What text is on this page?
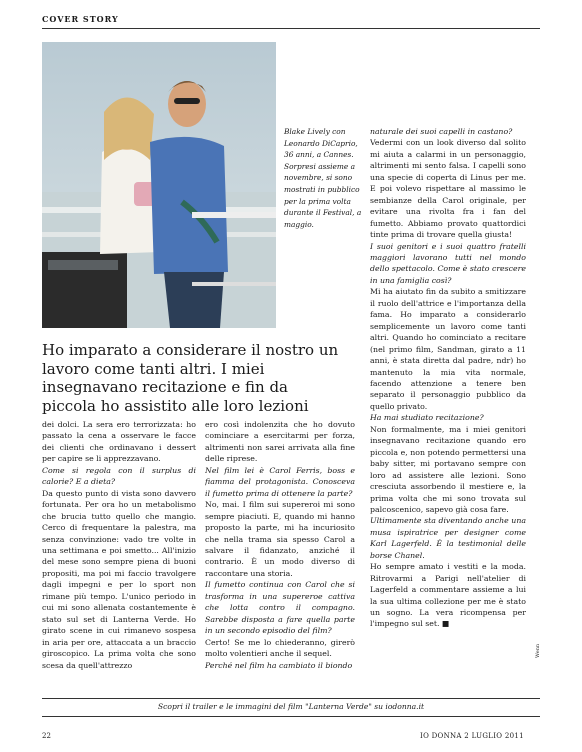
COVER STORY

Blake Lively con Leonardo DiCaprio, 36 anni, a Cannes. Sorpresi assieme a novembre, si sono mostrati in pubblico per la prima volta durante il Festival, a maggio.

Ho imparato a considerare il nostro un lavoro come tanti altri. I miei insegnavano recitazione e fin da piccola ho assistito alle loro lezioni

dei dolci. La sera ero terrorizzata: ho passato la cena a osservare le facce dei clienti che ordinavano i dessert per capire se li apprezzavano.

Come si regola con il surplus di calorie? E a dieta?

Da questo punto di vista sono davvero fortunata. Per ora ho un metabolismo che brucia tutto quello che mangio. Cerco di frequentare la palestra, ma senza convinzione: vado tre volte in una settimana e poi smetto... All'inizio del mese sono sempre piena di buoni propositi, ma poi mi faccio travolgere dagli impegni e per lo sport non rimane più tempo. L'unico periodo in cui mi sono allenata costantemente è stato sul set di Lanterna Verde. Ho girato scene in cui rimanevo sospesa in aria per ore, attaccata a un braccio giroscopico. La prima volta che sono scesa da quell'attrezzo

ero così indolenzita che ho dovuto cominciare a esercitarmi per forza, altrimenti non sarei arrivata alla fine delle riprese.

Nel film lei è Carol Ferris, boss e fiamma del protagonista. Conosceva il fumetto prima di ottenere la parte?

No, mai. I film sui supereroi mi sono sempre piaciuti. E, quando mi hanno proposto la parte, mi ha incuriosito che nella trama sia spesso Carol a salvare il fidanzato, anziché il contrario. È un modo diverso di raccontare una storia.

Il fumetto continua con Carol che si trasforma in una supereroe cattiva che lotta contro il compagno. Sarebbe disposta a fare quella parte in un secondo episodio del film?

Certo! Se me lo chiederanno, girerò molto volentieri anche il sequel.

Perché nel film ha cambiato il biondo

naturale dei suoi capelli in castano?

Vedermi con un look diverso dal solito mi aiuta a calarmi in un personaggio, altrimenti mi sento falsa. I capelli sono una specie di coperta di Linus per me. E poi volevo rispettare al massimo le sembianze della Carol originale, per evitare una rivolta fra i fan del fumetto. Abbiamo provato quattordici tinte prima di trovare quella giusta!

I suoi genitori e i suoi quattro fratelli maggiori lavorano tutti nel mondo dello spettacolo. Come è stato crescere in una famiglia così?

Mi ha aiutato fin da subito a smitizzare il ruolo dell'attrice e l'importanza della fama. Ho imparato a considerarlo semplicemente un lavoro come tanti altri. Quando ho cominciato a recitare (nel primo film, Sandman, girato a 11 anni, è stata diretta dal padre, ndr) ho mantenuto la mia vita normale, facendo attenzione a tenere ben separato il personaggio pubblico da quello privato.

Ha mai studiato recitazione?

Non formalmente, ma i miei genitori insegnavano recitazione quando ero piccola e, non potendo permettersi una baby sitter, mi portavano sempre con loro ad assistere alle lezioni. Sono cresciuta assorbendo il mestiere e, la prima volta che mi sono trovata sul palcoscenico, sapevo già cosa fare.

Ultimamente sta diventando anche una musa ispiratrice per designer come Karl Lagerfeld. È la testimonial delle borse Chanel.

Ho sempre amato i vestiti e la moda. Ritrovarmi a Parigi nell'atelier di Lagerfeld a commentare assieme a lui la sua ultima collezione per me è stato un sogno. La vera ricompensa per l'impegno sul set. ■

Wenn
Scopri il trailer e le immagini del film "Lanterna Verde" su iodonna.it
22	IO DONNA 2 LUGLIO 2011
